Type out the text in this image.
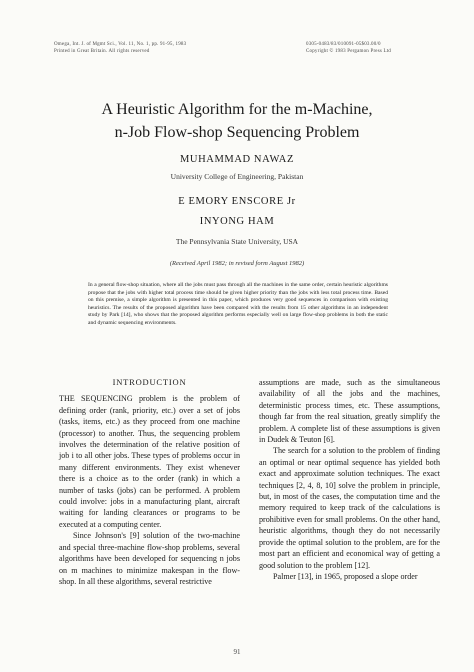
Omega, Int. J. of Mgmt Sci., Vol. 11, No. 1, pp. 91-95, 1983
Printed in Great Britain. All rights reserved
0305-0483/83/010091-05$03.00/0
Copyright © 1983 Pergamon Press Ltd
A Heuristic Algorithm for the m-Machine,
n-Job Flow-shop Sequencing Problem
MUHAMMAD NAWAZ
University College of Engineering, Pakistan
E EMORY ENSCORE Jr
INYONG HAM
The Pennsylvania State University, USA
(Received April 1982; in revised form August 1982)
In a general flow-shop situation, where all the jobs must pass through all the machines in the same order, certain heuristic algorithms propose that the jobs with higher total process time should be given higher priority than the jobs with less total process time. Based on this premise, a simple algorithm is presented in this paper, which produces very good sequences in comparison with existing heuristics. The results of the proposed algorithm have been compared with the results from 15 other algorithms in an independent study by Park [14], who shows that the proposed algorithm performs especially well on large flow-shop problems in both the static and dynamic sequencing environments.
INTRODUCTION

THE SEQUENCING problem is the problem of defining order (rank, priority, etc.) over a set of jobs (tasks, items, etc.) as they proceed from one machine (processor) to another. Thus, the sequencing problem involves the determination of the relative position of job i to all other jobs. These types of problems occur in many different environments. They exist whenever there is a choice as to the order (rank) in which a number of tasks (jobs) can be performed. A problem could involve: jobs in a manufacturing plant, aircraft waiting for landing clearances or programs to be executed at a computing center.

Since Johnson's [9] solution of the two-machine and special three-machine flow-shop problems, several algorithms have been developed for sequencing n jobs on m machines to minimize makespan in the flow-shop. In all these algorithms, several restrictive

assumptions are made, such as the simultaneous availability of all the jobs and the machines, deterministic process times, etc. These assumptions, though far from the real situation, greatly simplify the problem. A complete list of these assumptions is given in Dudek & Teuton [6].

The search for a solution to the problem of finding an optimal or near optimal sequence has yielded both exact and approximate solution techniques. The exact techniques [2, 4, 8, 10] solve the problem in principle, but, in most of the cases, the computation time and the memory required to keep track of the calculations is prohibitive even for small problems. On the other hand, heuristic algorithms, though they do not necessarily provide the optimal solution to the problem, are for the most part an efficient and economical way of getting a good solution to the problem [12].

Palmer [13], in 1965, proposed a slope order

91
